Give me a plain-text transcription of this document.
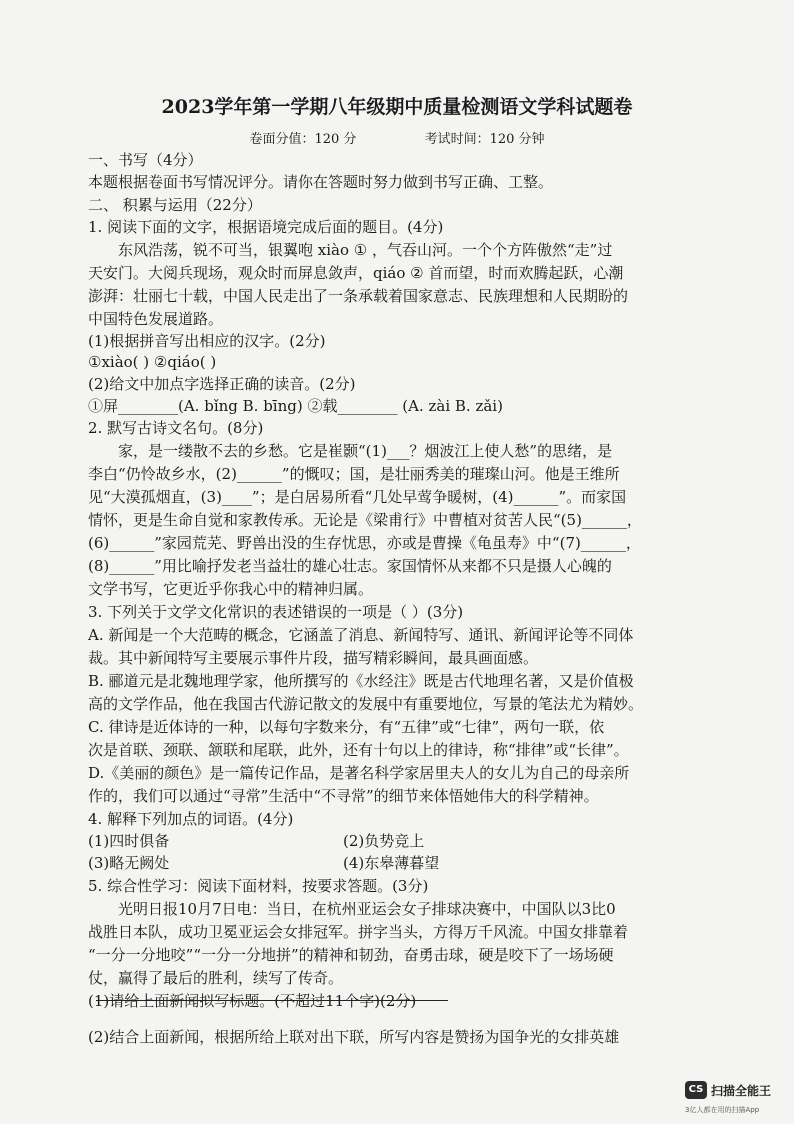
2023学年第一学期八年级期中质量检测语文学科试题卷
卷面分值：120 分	考试时间：120 分钟
一、书写（4分）
本题根据卷面书写情况评分。请你在答题时努力做到书写正确、工整。
二、 积累与运用（22分）
1. 阅读下面的文字，根据语境完成后面的题目。(4分)
东风浩荡，锐不可当，银翼咆 xiào ① ，气吞山河。一个个方阵傲然“走”过
天安门。大阅兵现场，观众时而屏息敛声，qiáo ② 首而望，时而欢腾起跃，心潮
澎湃：壮丽七十载，中国人民走出了一条承载着国家意志、民族理想和人民期盼的
中国特色发展道路。
(1)根据拼音写出相应的汉字。(2分)
①xiào( ) ②qiáo( )
(2)给文中加点字选择正确的读音。(2分)
①屏________(A. bǐng B. bīng) ②载________ (A. zài B. zǎi)
2. 默写古诗文名句。(8分)
家，是一缕散不去的乡愁。它是崔颢“(1)___？烟波江上使人愁”的思绪，是
李白“仍怜故乡水，(2)______”的慨叹；国，是壮丽秀美的璀璨山河。他是王维所
见“大漠孤烟直，(3)____”；是白居易所看“几处早莺争暖树，(4)______”。而家国
情怀，更是生命自觉和家教传承。无论是《梁甫行》中曹植对贫苦人民“(5)______，
(6)______”家园荒芜、野兽出没的生存忧思，亦或是曹操《龟虽寿》中“(7)______，
(8)______”用比喻抒发老当益壮的雄心壮志。家国情怀从来都不只是摄人心魄的
文学书写，它更近乎你我心中的精神归属。
3. 下列关于文学文化常识的表述错误的一项是（ ）(3分)
A. 新闻是一个大范畴的概念，它涵盖了消息、新闻特写、通讯、新闻评论等不同体
裁。其中新闻特写主要展示事件片段，描写精彩瞬间，最具画面感。
B. 郦道元是北魏地理学家，他所撰写的《水经注》既是古代地理名著，又是价值极
高的文学作品，他在我国古代游记散文的发展中有重要地位，写景的笔法尤为精妙。
C. 律诗是近体诗的一种，以每句字数来分，有“五律”或“七律”，两句一联，依
次是首联、颈联、颔联和尾联，此外，还有十句以上的律诗，称“排律”或“长律”。
D.《美丽的颜色》是一篇传记作品，是著名科学家居里夫人的女儿为自己的母亲所
作的，我们可以通过“寻常”生活中“不寻常”的细节来体悟她伟大的科学精神。
4. 解释下列加点的词语。(4分)
(1)四时俱备	(2)负势竞上
(3)略无阙处	(4)东皋薄暮望
5. 综合性学习：阅读下面材料，按要求答题。(3分)
光明日报10月7日电：当日，在杭州亚运会女子排球决赛中，中国队以3比0
战胜日本队，成功卫冕亚运会女排冠军。拼字当头，方得万千风流。中国女排靠着
“一分一分地咬”“一分一分地拼”的精神和韧劲，奋勇击球，硬是咬下了一场场硬
仗，赢得了最后的胜利，续写了传奇。
(1)请给上面新闻拟写标题。(不超过11个字)(2分)
(2)结合上面新闻，根据所给上联对出下联，所写内容是赞扬为国争光的女排英雄
CS 扫描全能王
3亿人都在用的扫描App
